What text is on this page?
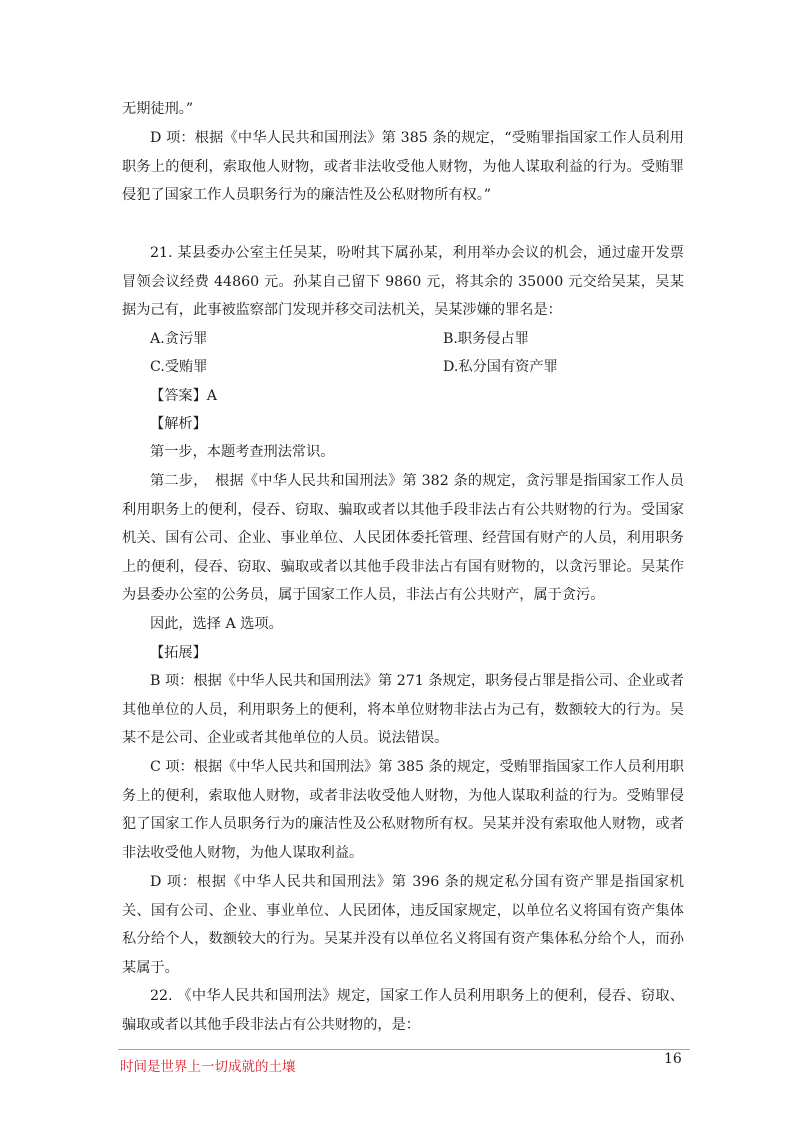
无期徒刑。”

D 项：根据《中华人民共和国刑法》第 385 条的规定，“受贿罪指国家工作人员利用职务上的便利，索取他人财物，或者非法收受他人财物，为他人谋取利益的行为。受贿罪侵犯了国家工作人员职务行为的廉洁性及公私财物所有权。”

21. 某县委办公室主任吴某，吩咐其下属孙某，利用举办会议的机会，通过虚开发票冒领会议经费 44860 元。孙某自己留下 9860 元，将其余的 35000 元交给吴某，吴某据为己有，此事被监察部门发现并移交司法机关，吴某涉嫌的罪名是：

A.贪污罪	B.职务侵占罪
C.受贿罪	D.私分国有资产罪

【答案】A

【解析】

第一步，本题考查刑法常识。

第二步，　根据《中华人民共和国刑法》第 382 条的规定，贪污罪是指国家工作人员利用职务上的便利，侵吞、窃取、骗取或者以其他手段非法占有公共财物的行为。受国家机关、国有公司、企业、事业单位、人民团体委托管理、经营国有财产的人员，利用职务上的便利，侵吞、窃取、骗取或者以其他手段非法占有国有财物的，以贪污罪论。吴某作为县委办公室的公务员，属于国家工作人员，非法占有公共财产，属于贪污。

因此，选择 A 选项。

【拓展】

B 项：根据《中华人民共和国刑法》第 271 条规定，职务侵占罪是指公司、企业或者其他单位的人员，利用职务上的便利，将本单位财物非法占为己有，数额较大的行为。吴某不是公司、企业或者其他单位的人员。说法错误。

C 项：根据《中华人民共和国刑法》第 385 条的规定，受贿罪指国家工作人员利用职务上的便利，索取他人财物，或者非法收受他人财物，为他人谋取利益的行为。受贿罪侵犯了国家工作人员职务行为的廉洁性及公私财物所有权。吴某并没有索取他人财物，或者非法收受他人财物，为他人谋取利益。

D 项：根据《中华人民共和国刑法》第 396 条的规定私分国有资产罪是指国家机关、国有公司、企业、事业单位、人民团体，违反国家规定，以单位名义将国有资产集体私分给个人，数额较大的行为。吴某并没有以单位名义将国有资产集体私分给个人，而孙某属于。

22. 《中华人民共和国刑法》规定，国家工作人员利用职务上的便利，侵吞、窃取、骗取或者以其他手段非法占有公共财物的，是：

时间是世界上一切成就的土壤	16
